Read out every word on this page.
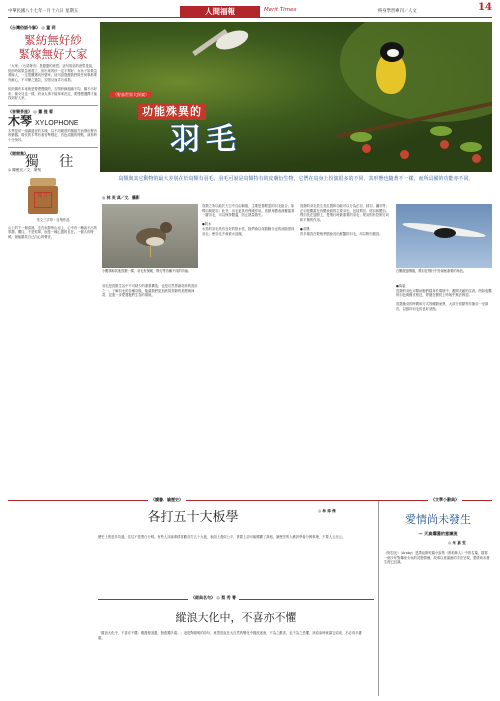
中華民國八十七年一月十六日 星期五	人間福報	Merit Times	終身學習專刊／人文	14
《台灣俗語今解》 ◎ 董 莉
緊紡無好紗
緊嫁無好大家
「大家」（台語發音）是婆婆的意思。這句俗話的意思是說，紡紗時如果急著趕工，紡出來的紗一定不夠好；女孩子如果急著嫁人，一定很難選到好婆家。這句話提醒我們做任何事都要有耐心，不可操之過急，否則反而弄巧成拙。

紡紗織布本來就是要慢慢做的，否則紗線粗細不均，織不出好布；嫁女兒也一樣，終身大事不能草率決定，要慢慢選擇才能找到好人家。
《音樂茶座》 ◎ 蕭 提 蓉
木琴 XYLOPHONE
木琴是用一組調過音的木塊，以不同硬度的槌敲打而發出聲音的樂器。現代的木琴有著音準穩定、音色清脆的特點，演奏時十分悅耳。
《閒窗集》
獨 往
◎ 陳俊光／文．篆刻
獨 往
朱文三字印・自刻作品
山上的下一個清晨，走在寂靜的山徑上，心中有一種說不出的寧靜。獨往，不是孤單，而是一種心靈的自在。一個人的時候，最能聽見自己內心的聲音。
（野鳥世界大探索）
功能殊異的
羽毛
鳥類與其它動物的最大差別在於鳥類有羽毛，羽毛可說是鳥類特有的皮膚衍生物，它們在鳥身上扮演很多的不同，其形態也隨著不一樣，而所具備的功能亦不同。
◎ 林 英 典／文．攝影
小鶺鴒和其他鳥類一樣，羽毛有保暖、飛行等各種不同的功能。
鳥類之所以能於天空中自由翱翔，主要是靠輕盈的羽毛組合，如飛羽與尾羽；此外，羽毛更具有保暖作用。鳥類身體表面覆蓋著一層羽毛，可以保持體溫，防止熱量散失。

●防水
水鳥的羽毛具有良好的防水性，牠們會以尾脂腺分泌的油脂塗抹羽毛，使羽毛不會被水浸濕。
鳥類的羽毛依生長位置和功能可以分為正羽、絨羽、纖羽等。正羽是覆蓋在鳥體表面的主要羽毛，包括飛羽、尾羽和體羽。飛羽長在翅膀上，是飛行時最重要的羽毛；尾羽則有控制方向和平衡的作用。

●求偶
許多雄鳥在繁殖季節會長出鮮豔的羽毛，用以吸引雌鳥。
白鶴展翅飛翔，飛羽在飛行中扮演極重要的角色。
羽毛是鳥類生活中不可缺少的重要構造，也是自然界最奇妙的設計之一。了解羽毛的各種功能，能讓我們更加欣賞鳥類的美麗與神奇，並進一步愛護牠們生存的環境。
●偽裝
鳥類的羽色可幫助牠們隱身於環境中，避開天敵的注意。例如夜鷹的羽色與樹皮相近，停棲在樹枝上時幾乎無法辨認。

鳥類換羽的時間和方式因種類而異，大部分鳥類每年換羽一至兩次，以維持羽毛的良好狀態。
《讀書．論歷史》	《文學小辭典》
各打五十大板學	◎ 林 偉 傑
歷史上的是非功過，往往不是黑白分明。有些人評論事情喜歡各打五十大板，表面上看似公平，實際上卻可能模糊了真相。讀歷史的人應該學會分辨事理，不要人云亦云。
《經典名句》 ◎ 蔡 秀 菁
縱浪大化中，不喜亦不懼
「縱浪大化中，不喜亦不懼；應盡便須盡，無復獨多慮。」這是陶淵明的詩句，意思是說在大自然的變化中隨波逐流，不為之歡喜，也不為之恐懼，該結束時就讓它結束，不必再多憂慮。
愛情尚未發生
— 天真爛漫的意識流
◎ 朱 嘉 雯
《阿拉比》（Araby）是喬哀斯短篇小說集《都柏林人》中的名篇，描寫一個少年對鄰家女孩的初戀情懷，故事以意識流的手法呈現，愛情尚未發生便已幻滅。
